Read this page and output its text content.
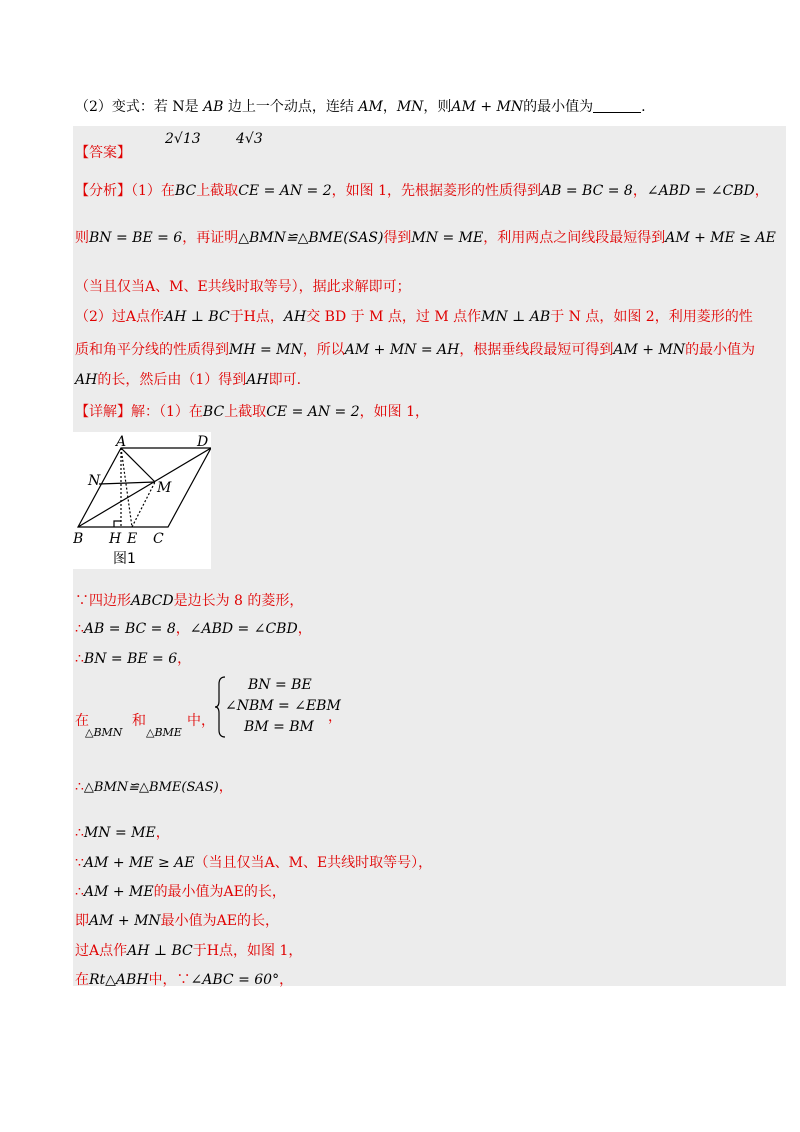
（2）变式：若 N是 AB 边上一个动点，连结 AM，MN，则AM + MN的最小值为	.
【答案】
2√13	4√3
【分析】（1）在BC上截取CE = AN = 2，如图 1，先根据菱形的性质得到AB = BC = 8，∠ABD = ∠CBD，
则BN = BE = 6，再证明△BMN≌△BME(SAS)得到MN = ME，利用两点之间线段最短得到AM + ME ≥ AE
（当且仅当A、M、E共线时取等号），据此求解即可；
（2）过A点作AH ⊥ BC于H点，AH交 BD 于 M 点，过 M 点作MN ⊥ AB于 N 点，如图 2，利用菱形的性
质和角平分线的性质得到MH = MN，所以AM + MN = AH，根据垂线段最短可得到AM + MN的最小值为
AH的长，然后由（1）得到AH即可.
【详解】解：（1）在BC上截取CE = AN = 2，如图 1，
A	D
N	M
B H E C
图1
∵四边形ABCD是边长为 8 的菱形，
∴AB = BC = 8，∠ABD = ∠CBD，
∴BN = BE = 6，
在	和	中，
△BMN △BME
BN = BE
∠NBM = ∠EBM
BM = BM
，
∴△BMN≌△BME(SAS)，
∴MN = ME，
∵AM + ME ≥ AE（当且仅当A、M、E共线时取等号），
∴AM + ME的最小值为AE的长，
即AM + MN最小值为AE的长，
过A点作AH ⊥ BC于H点，如图 1，
在Rt△ABH中，∵∠ABC = 60°，
